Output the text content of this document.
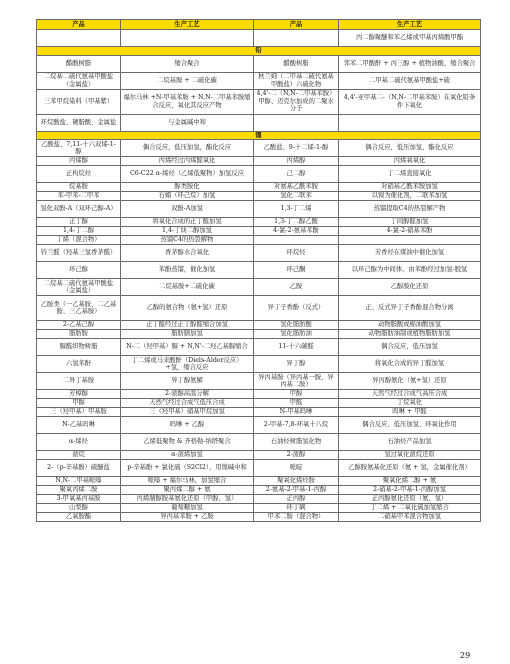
产品	生产工艺	产品	生产工艺
			丙二醇聚醚和苯乙烯或甲基丙烯酸甲酯
铅			
醋酸树脂	缩合聚合	醋酸树脂	邻苯二甲酸酐 + 丙三醇 + 植物油酸，缩合聚合
二烷基二硫代氨基甲酸盐（金属盐）	二烷基胺 + 二硫化碳	秋兰姆（二甲基二硫代氨基甲酸盐）六硫化物	二甲基二硫代氨基甲酸盐+硫
三苯甲烷染料（甲基紫）	福尔马林 +N-甲基苯胺 + N,N-二甲基苯胺缩合反应，氧化其反应产物	4,4'-二（N,N-二甲基苯胺）甲醇、迈克尔加成的二聚水分子	4,4'-亚甲基二-（N,N-二甲基苯胺）在氧化铅条件下氧化
环烷酸盐、硬脂酸、金属盐	与金属碱中和		
镍			
乙酸盐、7,11-十六双烯-1-醇	偶合反应，低压加氢，酯化反应	乙酸盐、9-十二烯-1-醇	偶合反应，低压加氢，酯化反应
丙烯醇	丙烯经过丙烯醛氧化	丙烯醇	丙烯氧氧化
正构烷烃	C6-C22 α-烯烃（乙烯低聚物）加氢反应	己二醇	丁二烯直接氧化
烷基胺	醇类胺化	对氨基乙酰苯胺	对硝基乙酰苯胺加氢
苯-甲苯-二甲苯	石蜡（环己烷）加氢	氢化二联苯	以镍为催化剂，二联苯加氢
氢化双酚-A（双环己醇-A）	双酚-A加氢	1,3-丁二烯	蒸馏提取C4的热裂解产物
正丁醇	将氧化合成的正丁醛加氢	1,3-丁二醇乙酸	丁间醇醛加氢
1,4-丁二醇	1,4-丁炔二醇加氢	4-氯-2-氨基苯酚	4-氯-2-硝基苯酚
丁烯（混合物）	蒸馏C4的热裂解物		
钤兰醛（羟基三氢香茅醛）	香茅醇水合氧化	环烷烃	芳香烃在煤油中催化加氢
环己醇	苯酚蒸馏，催化加氢	环己酮	以环己醇为中间体，由苯酚经过加氢-脱氢
二烷基二硫代氨基甲酸盐（金属盐）	二烷基胺+二硫化碳	乙胺	乙醇胺化还原
乙胺类（一乙基胺、二乙基胺、三乙基胺）	乙醇的氨合物（氨+氢）还原	异丁子香酚（反式）	正、反式异丁子香酚混合物分离
2-乙基己醇	正丁醛经过正丁醇醛缩合加氢	氢化脂肪酸	动物脂酸或棉油酸加氢
脂肪胺	脂肪腈加氢	氢化脂肪油	动物脂肪油制或植物脂肪加氢
脲醛织物树脂	N-二（羟甲基）脲 + N,N'-二羟乙基脲缩合	11-十六碳醛	偶合反应，低压加氢
六氢苯酐	丁二烯或马来酸酐（Diels-Alder反应）+氢，缩合反应	异丁醇	将氧化合成的异丁醛加氢
二异丁基胺	异丁醇氨解	异丙基胺（异丙基一胺、异丙基二胺）	异丙醇氨化（氨+氢）还原
芳樟醇	2-蒎醇高温分解	甲醇	天然气经过合成气高压合成
甲醇	天然气经过合成气低压合成	甲醛	丁烷氧化
三（羟甲基）甲基胺	三（羟甲基）硝基甲烷加氢	N-甲基吗啉	吗啉 + 甲醛
N-乙基吗啉	吗啉 + 乙醇	2-甲基-7,8-环氧十八烷	偶合反应、低压加氢、环氧化作用
α-烯烃	乙烯低聚物 & 齐格勒-纳塔聚合	石油烃树脂氢化物	石油烃产品加氢
蒎烷	α-蒎烯加氢	2-蒎醇	氢过氧化蒎烷还原
2-（p-辛基酚）硫醚盐	p-辛基酚 + 氯化硫（S2Cl2），用镍碱中和	哌啶	乙醇胺氨基化还原（氨 + 氢，金属催化剂）
N,N-二甲基哌嗪	哌嗪 + 福尔马林，加氢缩合	聚氧化烯烃胺	聚氧化烯二醇 + 氨
聚氧丙烯二胺	聚丙烯二醇 + 氨	2-氨基-2-甲基-1-丙醇	2-硝基-2-甲基-1-丙醇加氢
3-甲氧基丙基胺	丙烯腈醇胺基氨化还原（甲醇、氢）	正丙醇	正丙醇氨化还原（氨、氢）
山梨醇	葡萄糖加氢	环丁砜	丁二烯 + 二氧化硫加氢缩合
乙氧胺酯	异丙基苯胺 + 乙胺	甲苯二胺（混合物）	二硝基甲苯混合物加氢
29
